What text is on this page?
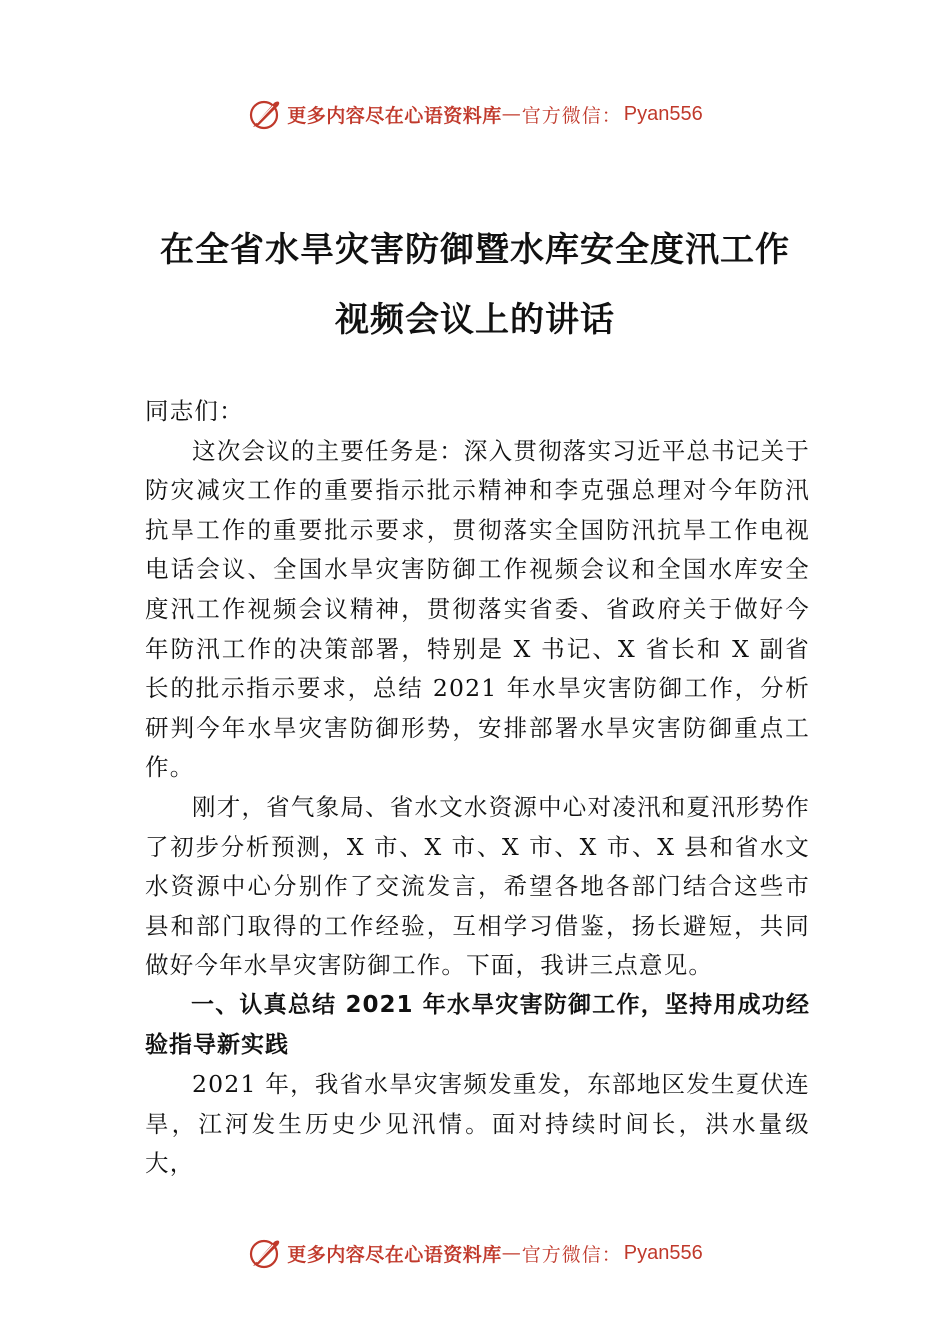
更多内容尽在心语资料库 — 官方微信： Pyan556
在全省水旱灾害防御暨水库安全度汛工作
视频会议上的讲话

同志们：

这次会议的主要任务是：深入贯彻落实习近平总书记关于防灾减灾工作的重要指示批示精神和李克强总理对今年防汛抗旱工作的重要批示要求，贯彻落实全国防汛抗旱工作电视电话会议、全国水旱灾害防御工作视频会议和全国水库安全度汛工作视频会议精神，贯彻落实省委、省政府关于做好今年防汛工作的决策部署，特别是 X 书记、X 省长和 X 副省长的批示指示要求，总结 2021 年水旱灾害防御工作，分析研判今年水旱灾害防御形势，安排部署水旱灾害防御重点工作。

刚才，省气象局、省水文水资源中心对凌汛和夏汛形势作了初步分析预测，X 市、X 市、X 市、X 市、X 县和省水文水资源中心分别作了交流发言，希望各地各部门结合这些市县和部门取得的工作经验，互相学习借鉴，扬长避短，共同做好今年水旱灾害防御工作。下面，我讲三点意见。

一、认真总结 2021 年水旱灾害防御工作，坚持用成功经验指导新实践

2021 年，我省水旱灾害频发重发，东部地区发生夏伏连旱，江河发生历史少见汛情。面对持续时间长，洪水量级大，

更多内容尽在心语资料库 — 官方微信： Pyan556
